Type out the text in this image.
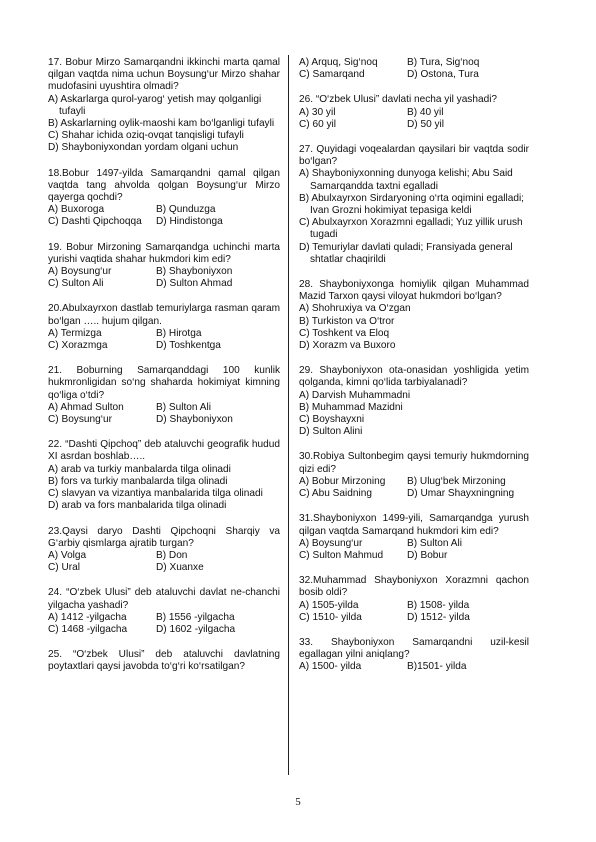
17. Bobur Mirzo Samarqandni ikkinchi marta qamal qilgan vaqtda nima uchun Boysung‘ur Mirzo shahar mudofasini uyushtira olmadi?

A) Askarlarga qurol-yarog‘ yetish may qolganligi tufayli

B) Askarlarning oylik-maoshi kam bo‘lganligi tufayli

C) Shahar ichida oziq-ovqat tanqisligi tufayli

D) Shayboniyxondan yordam olgani uchun

18.Bobur 1497-yilda Samarqandni qamal qilgan vaqtda tang ahvolda qolgan Boysung‘ur Mirzo qayerga qochdi?

A) Buxoroga	B) Qunduzga

C) Dashti Qipchoqqa	D) Hindistonga

19. Bobur Mirzoning Samarqandga uchinchi marta yurishi vaqtida shahar hukmdori kim edi?

A) Boysung‘ur	B) Shayboniyxon

C) Sulton Ali	D) Sulton Ahmad

20.Abulxayrxon dastlab temuriylarga rasman qaram bo‘lgan ….. hujum qilgan.

A) Termizga	B) Hirotga

C) Xorazmga	D) Toshkentga

21. Boburning Samarqanddagi 100 kunlik hukmronligidan so‘ng shaharda hokimiyat kimning qo‘liga o‘tdi?

A) Ahmad Sulton	B) Sulton Ali

C) Boysung‘ur	D) Shayboniyxon

22. “Dashti Qipchoq” deb ataluvchi geografik hudud XI asrdan boshlab…..

A) arab va turkiy manbalarda tilga olinadi

B) fors va turkiy manbalarda tilga olinadi

C) slavyan va vizantiya manbalarida tilga olinadi

D) arab va fors manbalarida tilga olinadi

23.Qaysi daryo Dashti Qipchoqni Sharqiy va G‘arbiy qismlarga ajratib turgan?

A) Volga	B) Don

C) Ural	D) Xuanxe

24. “O‘zbek Ulusi” deb ataluvchi davlat ne-chanchi yilgacha yashadi?

A) 1412 -yilgacha	B) 1556 -yilgacha

C) 1468 -yilgacha	D) 1602 -yilgacha

25. “O‘zbek Ulusi” deb ataluvchi davlatning poytaxtlari qaysi javobda to‘g‘ri ko‘rsatilgan?

A) Arquq, Sig‘noq	B) Tura, Sig‘noq

C) Samarqand	D) Ostona, Tura

26. “O‘zbek Ulusi” davlati necha yil yashadi?

A) 30 yil	B) 40 yil

C) 60 yil	D) 50 yil

27. Quyidagi voqealardan qaysilari bir vaqtda sodir bo‘lgan?

A) Shayboniyxonning dunyoga kelishi; Abu Said Samarqandda taxtni egalladi

B) Abulxayrxon Sirdaryoning o‘rta oqimini egalladi; Ivan Grozni hokimiyat tepasiga keldi

C) Abulxayrxon Xorazmni egalladi; Yuz yillik urush tugadi

D) Temuriylar davlati quladi; Fransiyada general shtatlar chaqirildi

28. Shayboniyxonga homiylik qilgan Muhammad Mazid Tarxon qaysi viloyat hukmdori bo‘lgan?

A) Shohruxiya va O‘zgan

B) Turkiston va O‘tror

C) Toshkent va Eloq

D) Xorazm va Buxoro

29. Shayboniyxon ota-onasidan yoshligida yetim qolganda, kimni qo‘lida tarbiyalanadi?

A) Darvish Muhammadni

B) Muhammad Mazidni

C) Boyshayxni

D) Sulton Alini

30.Robiya Sultonbegim qaysi temuriy hukmdorning qizi edi?

A) Bobur Mirzoning	B) Ulug‘bek Mirzoning

C) Abu Saidning	D) Umar Shayxningning

31.Shayboniyxon 1499-yili, Samarqandga yurush qilgan vaqtda Samarqand hukmdori kim edi?

A) Boysung‘ur	B) Sulton Ali

C) Sulton Mahmud	D) Bobur

32.Muhammad Shayboniyxon Xorazmni qachon bosib oldi?

A) 1505-yilda	B) 1508- yilda

C) 1510- yilda	D) 1512- yilda

33. Shayboniyxon Samarqandni uzil-kesil egallagan yilni aniqlang?

A) 1500- yilda	B)1501- yilda

5
